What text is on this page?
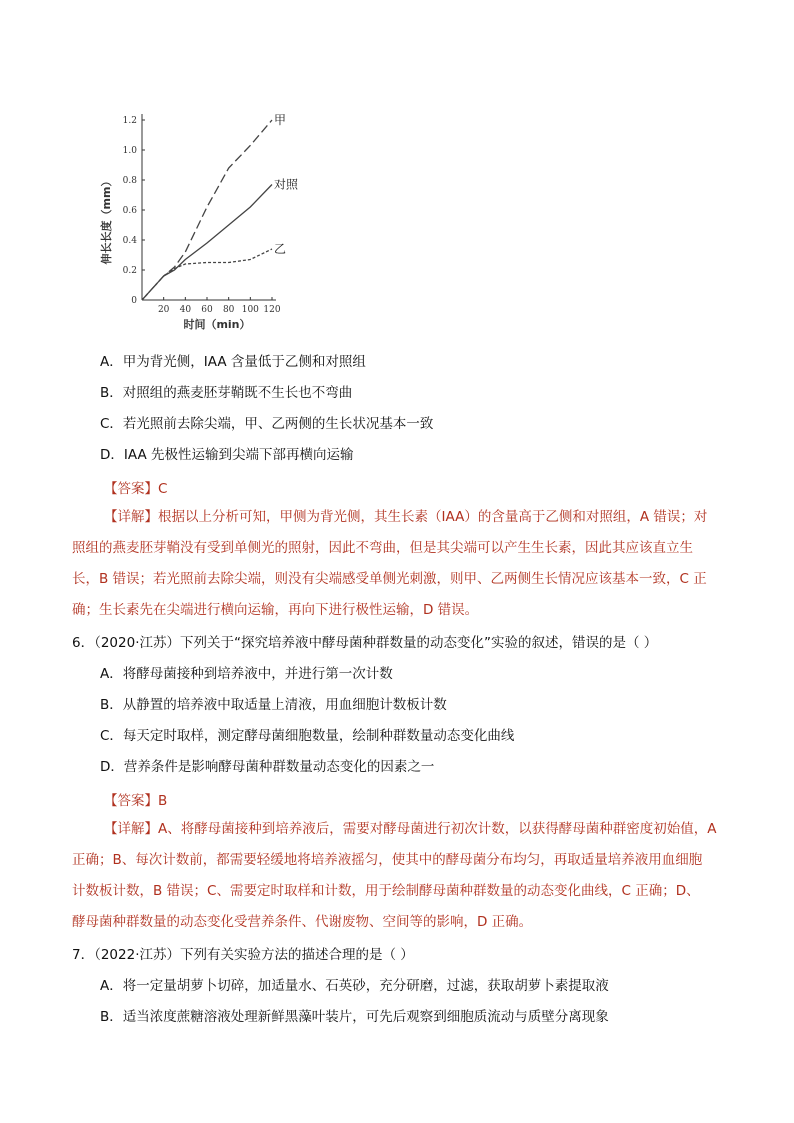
0
0.2
0.4
0.6
0.8
1.0
1.2
20 40 60 80 100 120
时间（min）
伸长长度（mm）
甲
对照
乙
A．甲为背光侧，IAA 含量低于乙侧和对照组
B．对照组的燕麦胚芽鞘既不生长也不弯曲
C．若光照前去除尖端，甲、乙两侧的生长状况基本一致
D．IAA 先极性运输到尖端下部再横向运输
【答案】C
【详解】根据以上分析可知，甲侧为背光侧，其生长素（IAA）的含量高于乙侧和对照组，A 错误；对
照组的燕麦胚芽鞘没有受到单侧光的照射，因此不弯曲，但是其尖端可以产生生长素，因此其应该直立生
长，B 错误；若光照前去除尖端，则没有尖端感受单侧光刺激，则甲、乙两侧生长情况应该基本一致，C 正
确；生长素先在尖端进行横向运输，再向下进行极性运输，D 错误。
6．（2020·江苏）下列关于“探究培养液中酵母菌种群数量的动态变化”实验的叙述，错误的是（ ）
A．将酵母菌接种到培养液中，并进行第一次计数
B．从静置的培养液中取适量上清液，用血细胞计数板计数
C．每天定时取样，测定酵母菌细胞数量，绘制种群数量动态变化曲线
D．营养条件是影响酵母菌种群数量动态变化的因素之一
【答案】B
【详解】A、将酵母菌接种到培养液后，需要对酵母菌进行初次计数，以获得酵母菌种群密度初始值，A
正确；B、每次计数前，都需要轻缓地将培养液摇匀，使其中的酵母菌分布均匀，再取适量培养液用血细胞
计数板计数，B 错误；C、需要定时取样和计数，用于绘制酵母菌种群数量的动态变化曲线，C 正确；D、
酵母菌种群数量的动态变化受营养条件、代谢废物、空间等的影响，D 正确。
7．（2022·江苏）下列有关实验方法的描述合理的是（ ）
A．将一定量胡萝卜切碎，加适量水、石英砂，充分研磨，过滤，获取胡萝卜素提取液
B．适当浓度蔗糖溶液处理新鲜黑藻叶装片，可先后观察到细胞质流动与质壁分离现象
